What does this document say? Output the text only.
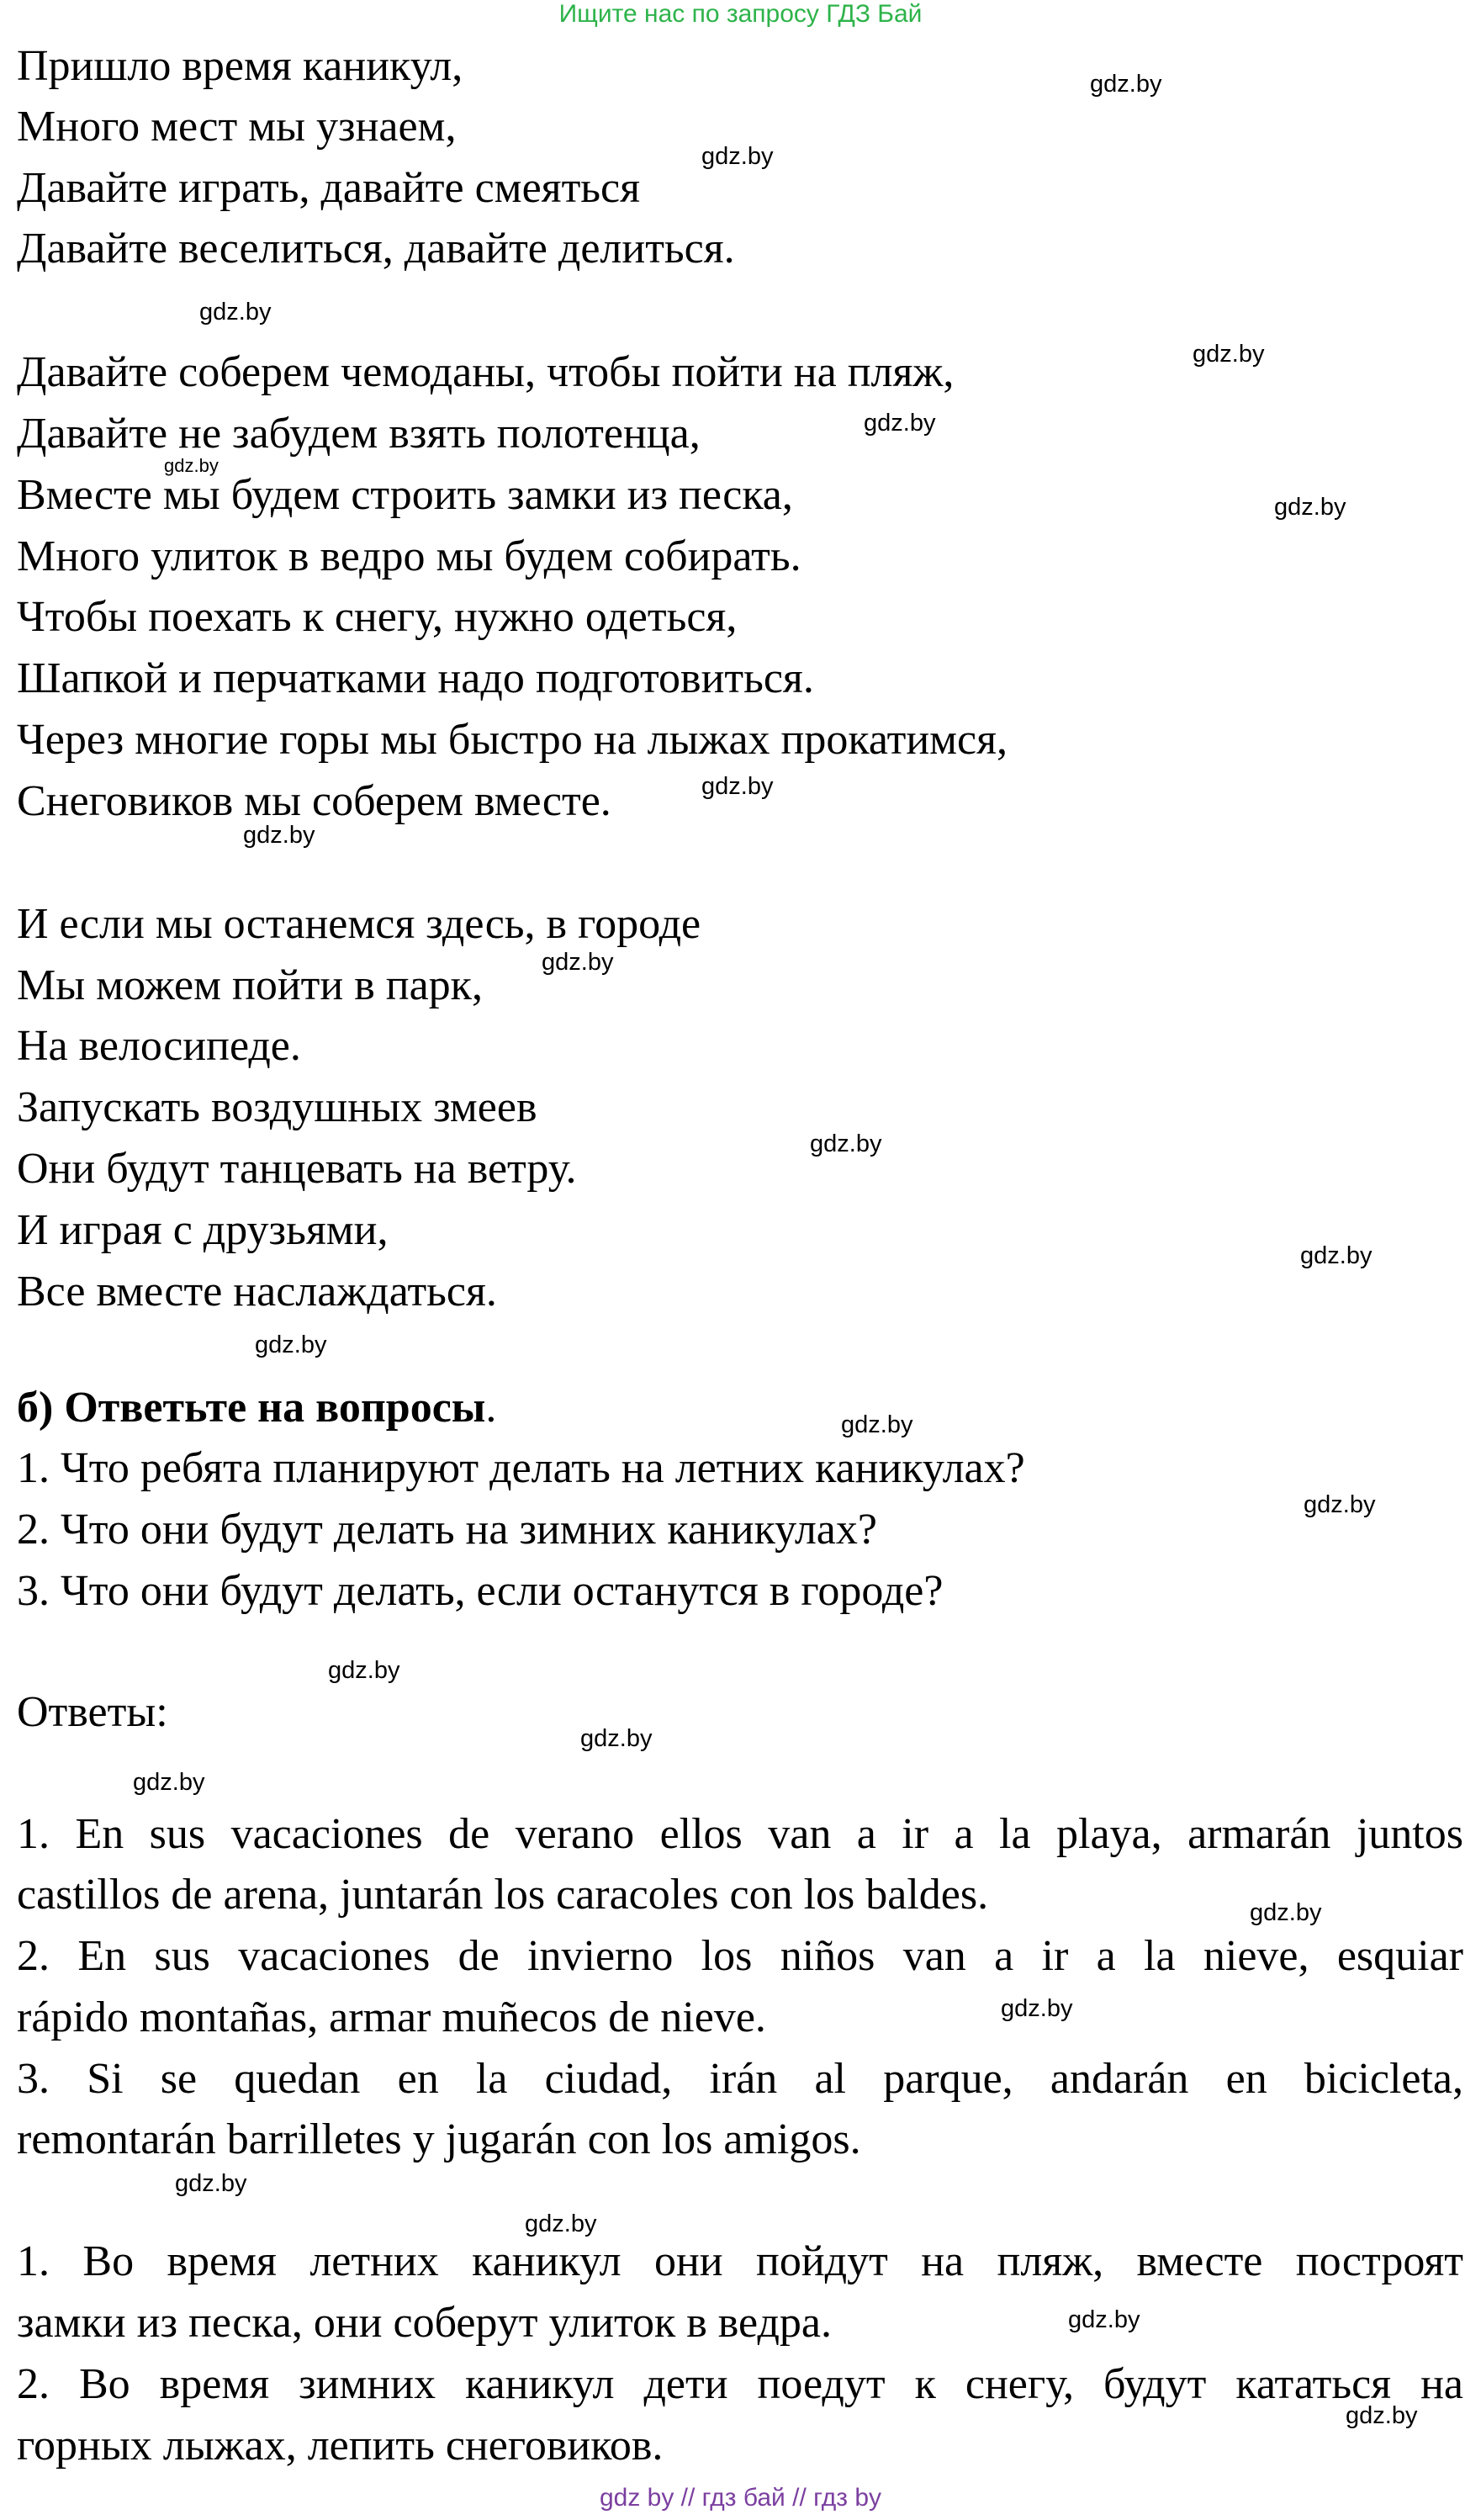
Ищите нас по запросу ГДЗ Бай

Пришло время каникул,

Много мест мы узнаем,

Давайте играть, давайте смеяться

Давайте веселиться, давайте делиться.

Давайте соберем чемоданы, чтобы пойти на пляж,

Давайте не забудем взять полотенца,

Вместе мы будем строить замки из песка,

Много улиток в ведро мы будем собирать.

Чтобы поехать к снегу, нужно одеться,

Шапкой и перчатками надо подготовиться.

Через многие горы мы быстро на лыжах прокатимся,

Снеговиков мы соберем вместе.

И если мы останемся здесь, в городе

Мы можем пойти в парк,

На велосипеде.

Запускать воздушных змеев

Они будут танцевать на ветру.

И играя с друзьями,

Все вместе наслаждаться.

б) Ответьте на вопросы.

1. Что ребята планируют делать на летних каникулах?

2. Что они будут делать на зимних каникулах?

3. Что они будут делать, если останутся в городе?

Ответы:

1. En sus vacaciones de verano ellos van a ir a la playa, armarán juntos

castillos de arena, juntarán los caracoles con los baldes.

2. En sus vacaciones de invierno los niños van a ir a la nieve, esquiar

rápido montañas, armar muñecos de nieve.

3. Si se quedan en la ciudad, irán al parque, andarán en bicicleta,

remontarán barrilletes y jugarán con los amigos.

1. Во время летних каникул они пойдут на пляж, вместе построят

замки из песка, они соберут улиток в ведра.

2. Во время зимних каникул дети поедут к снегу, будут кататься на

горных лыжах, лепить снеговиков.

gdz.by
gdz.by
gdz.by
gdz.by
gdz.by
gdz.by
gdz.by
gdz.by
gdz.by
gdz.by
gdz.by
gdz.by
gdz.by
gdz.by
gdz.by
gdz.by
gdz.by
gdz.by
gdz.by
gdz.by
gdz.by
gdz.by
gdz.by
gdz.by
gdz by // гдз бай // гдз by
